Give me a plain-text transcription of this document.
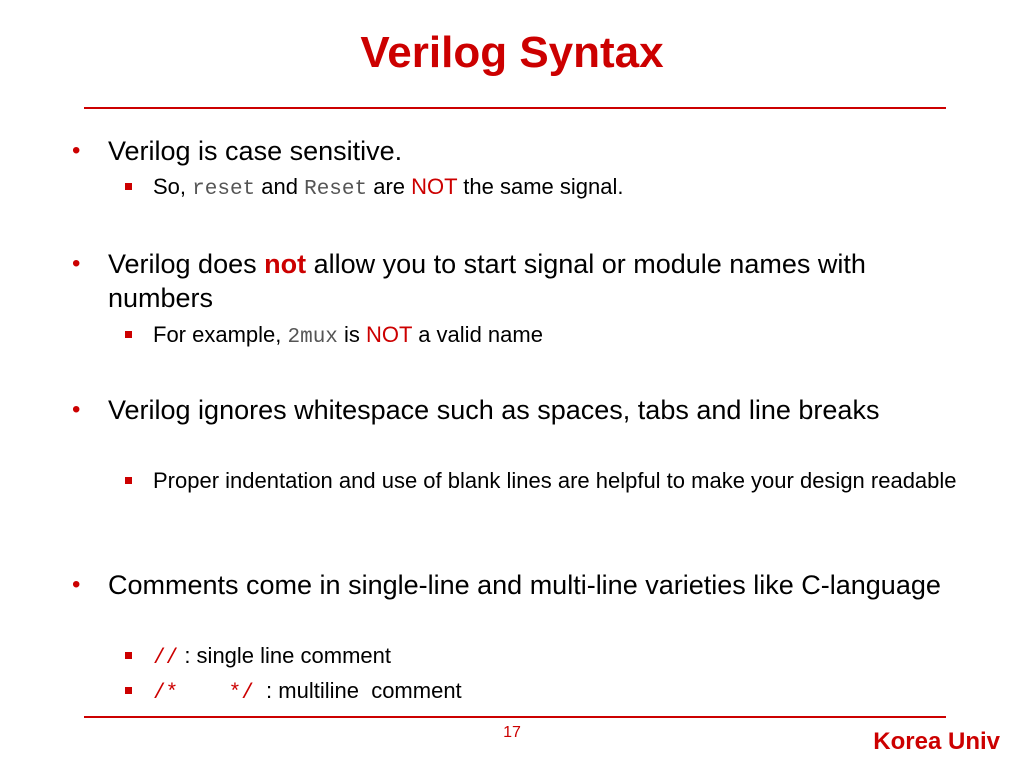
Verilog Syntax
•	Verilog is case sensitive.
So, reset and Reset are NOT the same signal.
•	Verilog does not allow you to start signal or module names with numbers
For example, 2mux is NOT a valid name
•	Verilog ignores whitespace such as spaces, tabs and line breaks
Proper indentation and use of blank lines are helpful to make your design readable
•	Comments come in single-line and multi-line varieties like C-language
// : single line comment
/*    */  : multiline  comment
17	Korea Univ
